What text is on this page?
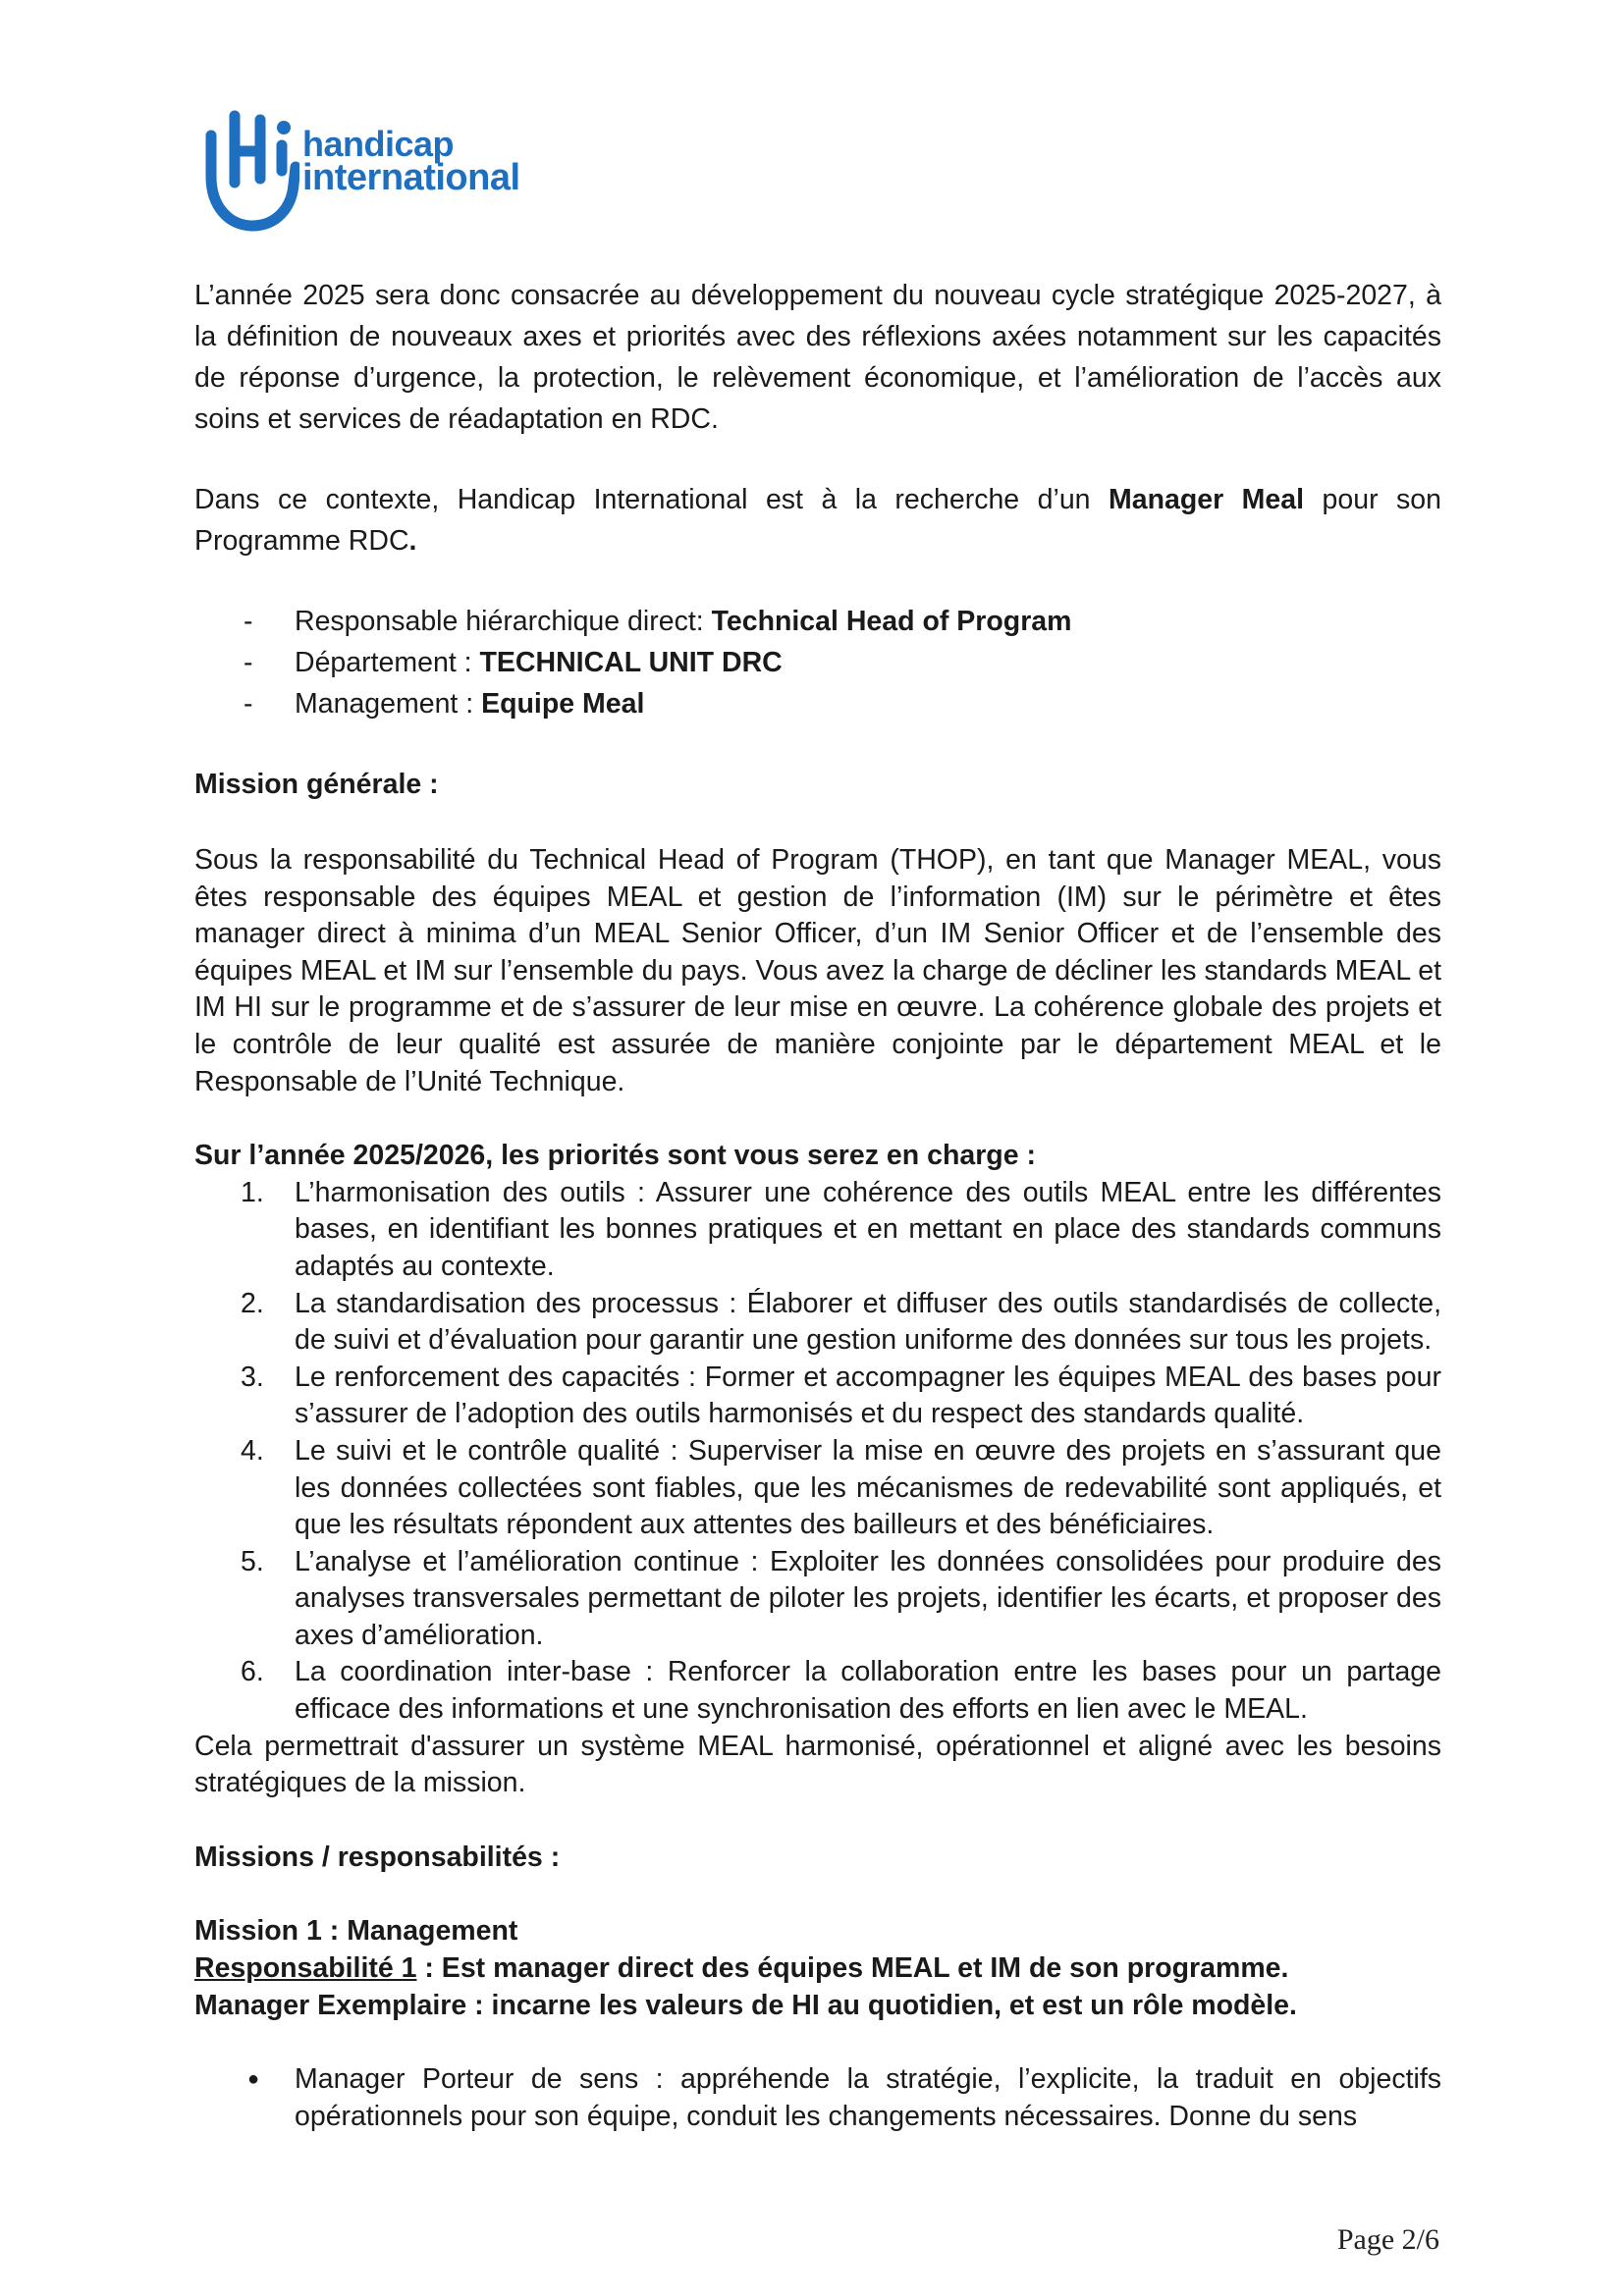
handicap
international

L’année 2025 sera donc consacrée au développement du nouveau cycle stratégique 2025-2027, à la définition de nouveaux axes et priorités avec des réflexions axées notamment sur les capacités de réponse d’urgence, la protection, le relèvement économique, et l’amélioration de l’accès aux soins et services de réadaptation en RDC.

Dans ce contexte, Handicap International est à la recherche d’un Manager Meal pour son Programme RDC.

- Responsable hiérarchique direct: Technical Head of Program
- Département : TECHNICAL UNIT DRC
- Management : Equipe Meal

Mission générale :

Sous la responsabilité du Technical Head of Program (THOP), en tant que Manager MEAL, vous êtes responsable des équipes MEAL et gestion de l’information (IM) sur le périmètre et êtes manager direct à minima d’un MEAL Senior Officer, d’un IM Senior Officer et de l’ensemble des équipes MEAL et IM sur l’ensemble du pays. Vous avez la charge de décliner les standards MEAL et IM HI sur le programme et de s’assurer de leur mise en œuvre. La cohérence globale des projets et le contrôle de leur qualité est assurée de manière conjointe par le département MEAL et le Responsable de l’Unité Technique.

Sur l’année 2025/2026, les priorités sont vous serez en charge :

1. L’harmonisation des outils : Assurer une cohérence des outils MEAL entre les différentes bases, en identifiant les bonnes pratiques et en mettant en place des standards communs adaptés au contexte.
2. La standardisation des processus : Élaborer et diffuser des outils standardisés de collecte, de suivi et d’évaluation pour garantir une gestion uniforme des données sur tous les projets.
3. Le renforcement des capacités : Former et accompagner les équipes MEAL des bases pour s’assurer de l’adoption des outils harmonisés et du respect des standards qualité.
4. Le suivi et le contrôle qualité : Superviser la mise en œuvre des projets en s’assurant que les données collectées sont fiables, que les mécanismes de redevabilité sont appliqués, et que les résultats répondent aux attentes des bailleurs et des bénéficiaires.
5. L’analyse et l’amélioration continue : Exploiter les données consolidées pour produire des analyses transversales permettant de piloter les projets, identifier les écarts, et proposer des axes d’amélioration.
6. La coordination inter-base : Renforcer la collaboration entre les bases pour un partage efficace des informations et une synchronisation des efforts en lien avec le MEAL.

Cela permettrait d'assurer un système MEAL harmonisé, opérationnel et aligné avec les besoins stratégiques de la mission.

Missions / responsabilités :

Mission 1 : Management

Responsabilité 1 : Est manager direct des équipes MEAL et IM de son programme.

Manager Exemplaire : incarne les valeurs de HI au quotidien, et est un rôle modèle.

● Manager Porteur de sens : appréhende la stratégie, l’explicite, la traduit en objectifs opérationnels pour son équipe, conduit les changements nécessaires. Donne du sens
Page 2/6
